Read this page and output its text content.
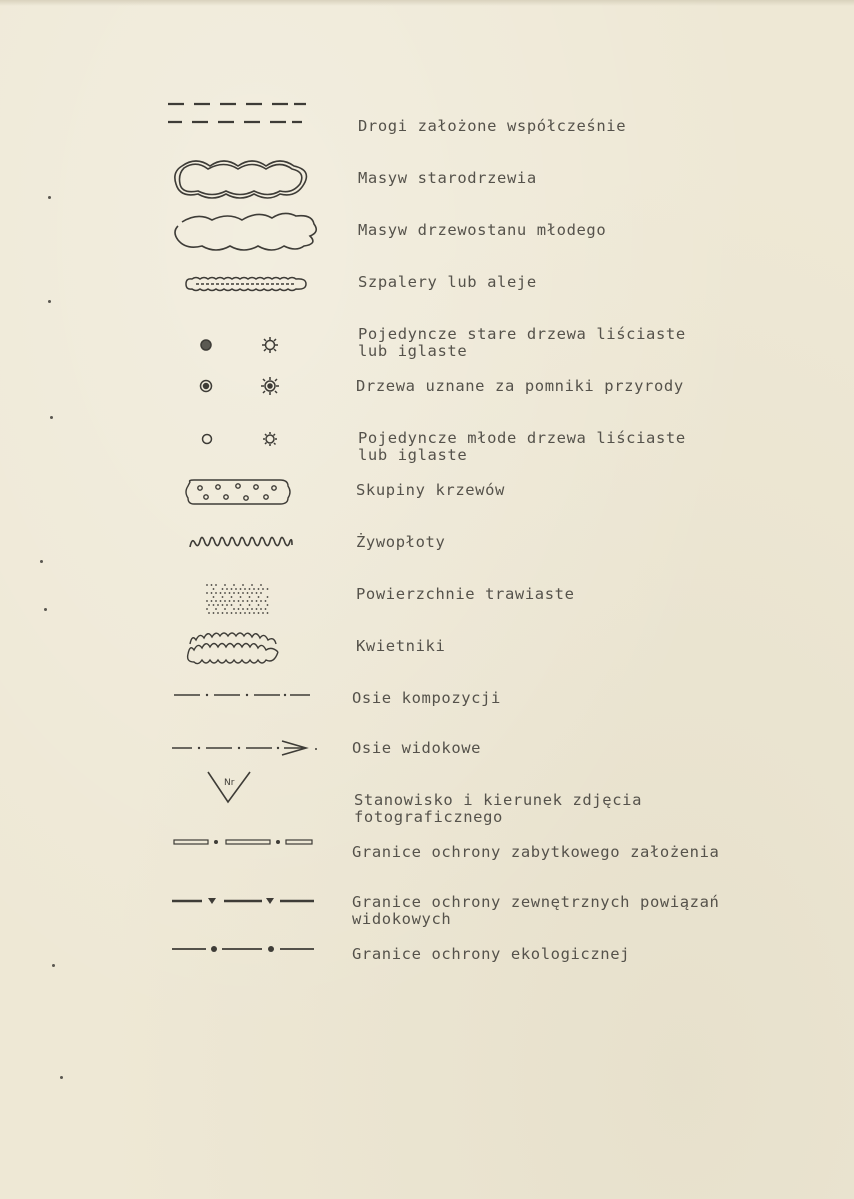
Drogi założone współcześnie
Masyw starodrzewia
Masyw drzewostanu młodego
Szpalery lub aleje
Pojedyncze stare drzewa liściaste
lub iglaste
Drzewa uznane za pomniki przyrody
Pojedyncze młode drzewa liściaste
lub iglaste
Skupiny krzewów
Żywopłoty
Powierzchnie trawiaste
Kwietniki
Osie kompozycji
Osie widokowe
Nr
Stanowisko i kierunek zdjęcia
fotograficznego
Granice ochrony zabytkowego założenia
Granice ochrony zewnętrznych powiązań
widokowych
Granice ochrony ekologicznej
